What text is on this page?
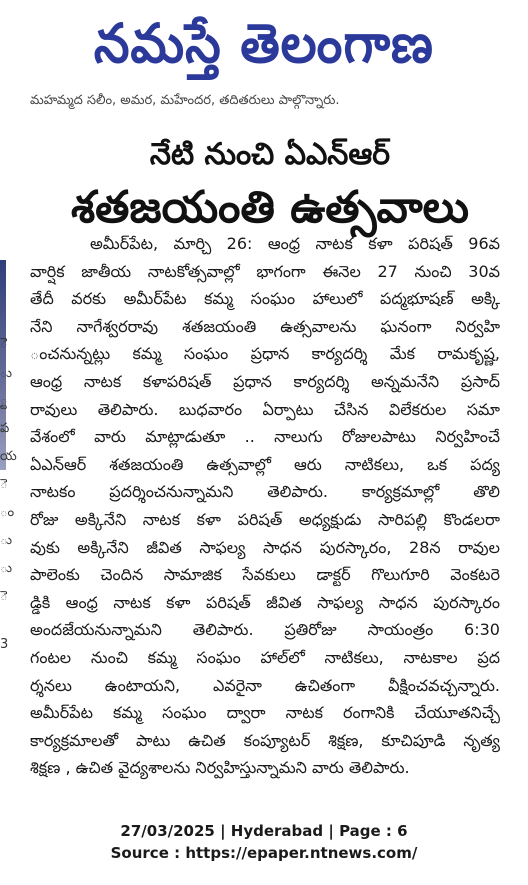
నమస్తే తెలంగాణ
మహమ్మద సలీం, అమర, మహేందర, తదితరులు పాల్గొన్నారు.
ె
ు
్ట
ప
య
ె
ం
ు
ు
ె
3
నేటి నుంచి ఏఎన్ఆర్
శతజయంతి ఉత్సవాలు
అమీర్‌పేట, మార్చి 26: ఆంధ్ర నాటక కళా పరిషత్ 96వ
వార్షిక జాతీయ నాటకోత్సవాల్లో భాగంగా ఈనెల 27 నుంచి 30వ
తేదీ వరకు అమీర్‌పేట కమ్మ సంఘం హాలులో పద్మభూషణ్ అక్కి
నేని నాగేశ్వరరావు శతజయంతి ఉత్సవాలను ఘనంగా నిర్వహి
ంచనున్నట్లు కమ్మ సంఘం ప్రధాన కార్యదర్శి మేక రామకృష్ణ,
ఆంధ్ర నాటక కళాపరిషత్ ప్రధాన కార్యదర్శి అన్నమనేని ప్రసాద్
రావులు తెలిపారు. బుధవారం ఏర్పాటు చేసిన విలేకరుల సమా
వేశంలో వారు మాట్లాడుతూ .. నాలుగు రోజులపాటు నిర్వహించే
ఏఎన్ఆర్ శతజయంతి ఉత్సవాల్లో ఆరు నాటికలు, ఒక పద్య
నాటకం ప్రదర్శించనున్నామని తెలిపారు. కార్యక్రమాల్లో తొలి
రోజు అక్కినేని నాటక కళా పరిషత్ అధ్యక్షుడు సారిపల్లి కొండలరా
వుకు అక్కినేని జీవిత సాఫల్య సాధన పురస్కారం, 28న రావుల
పాలెంకు చెందిన సామాజిక సేవకులు డాక్టర్ గొలుగూరి వెంకటరె
డ్డికి ఆంధ్ర నాటక కళా పరిషత్ జీవిత సాఫల్య సాధన పురస్కారం
అందజేయనున్నామని తెలిపారు. ప్రతిరోజు సాయంత్రం 6:30
గంటల నుంచి కమ్మ సంఘం హాల్‌లో నాటికలు, నాటకాల ప్రద
ర్శనలు ఉంటాయని, ఎవరైనా ఉచితంగా వీక్షించవచ్చన్నారు.
అమీర్‌పేట కమ్మ సంఘం ద్వారా నాటక రంగానికి చేయూతనిచ్చే
కార్యక్రమాలతో పాటు ఉచిత కంప్యూటర్ శిక్షణ, కూచిపూడి నృత్య
శిక్షణ , ఉచిత వైద్యశాలను నిర్వహిస్తున్నామని వారు తెలిపారు.
27/03/2025 | Hyderabad | Page : 6
Source : https://epaper.ntnews.com/
